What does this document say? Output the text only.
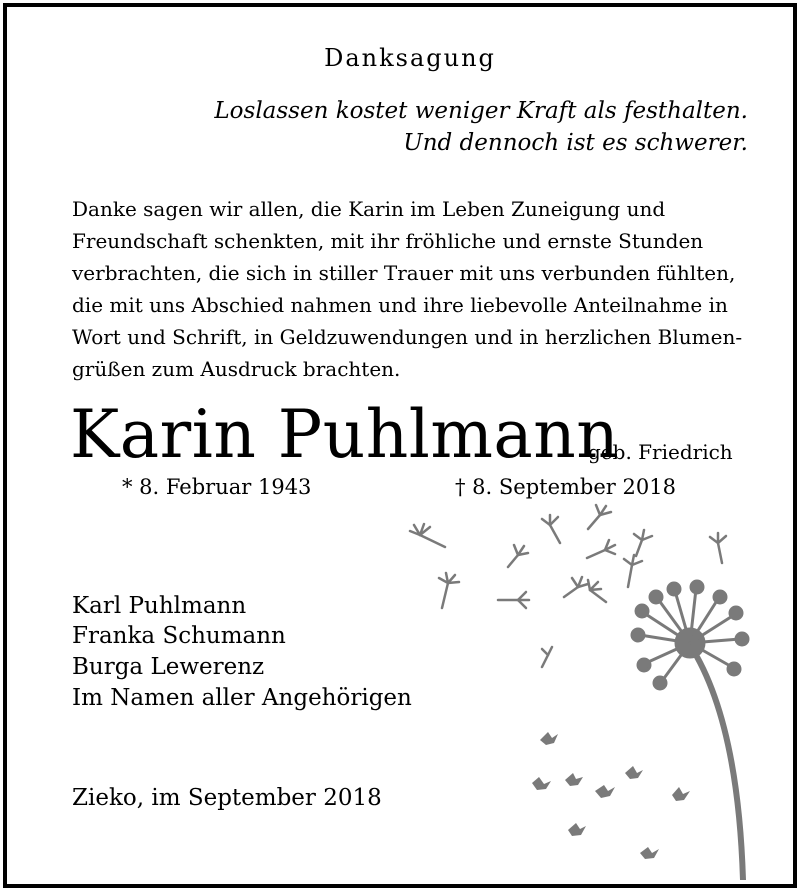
Danksagung
Loslassen kostet weniger Kraft als festhalten.
Und dennoch ist es schwerer.
Danke sagen wir allen, die Karin im Leben Zuneigung und
Freundschaft schenkten, mit ihr fröhliche und ernste Stunden
verbrachten, die sich in stiller Trauer mit uns verbunden fühlten,
die mit uns Abschied nahmen und ihre liebevolle Anteilnahme in
Wort und Schrift, in Geldzuwendungen und in herzlichen Blumen-
grüßen zum Ausdruck brachten.
Karin Puhlmann
geb. Friedrich
* 8. Februar 1943	† 8. September 2018
Karl Puhlmann
Franka Schumann
Burga Lewerenz
Im Namen aller Angehörigen
Zieko, im September 2018
